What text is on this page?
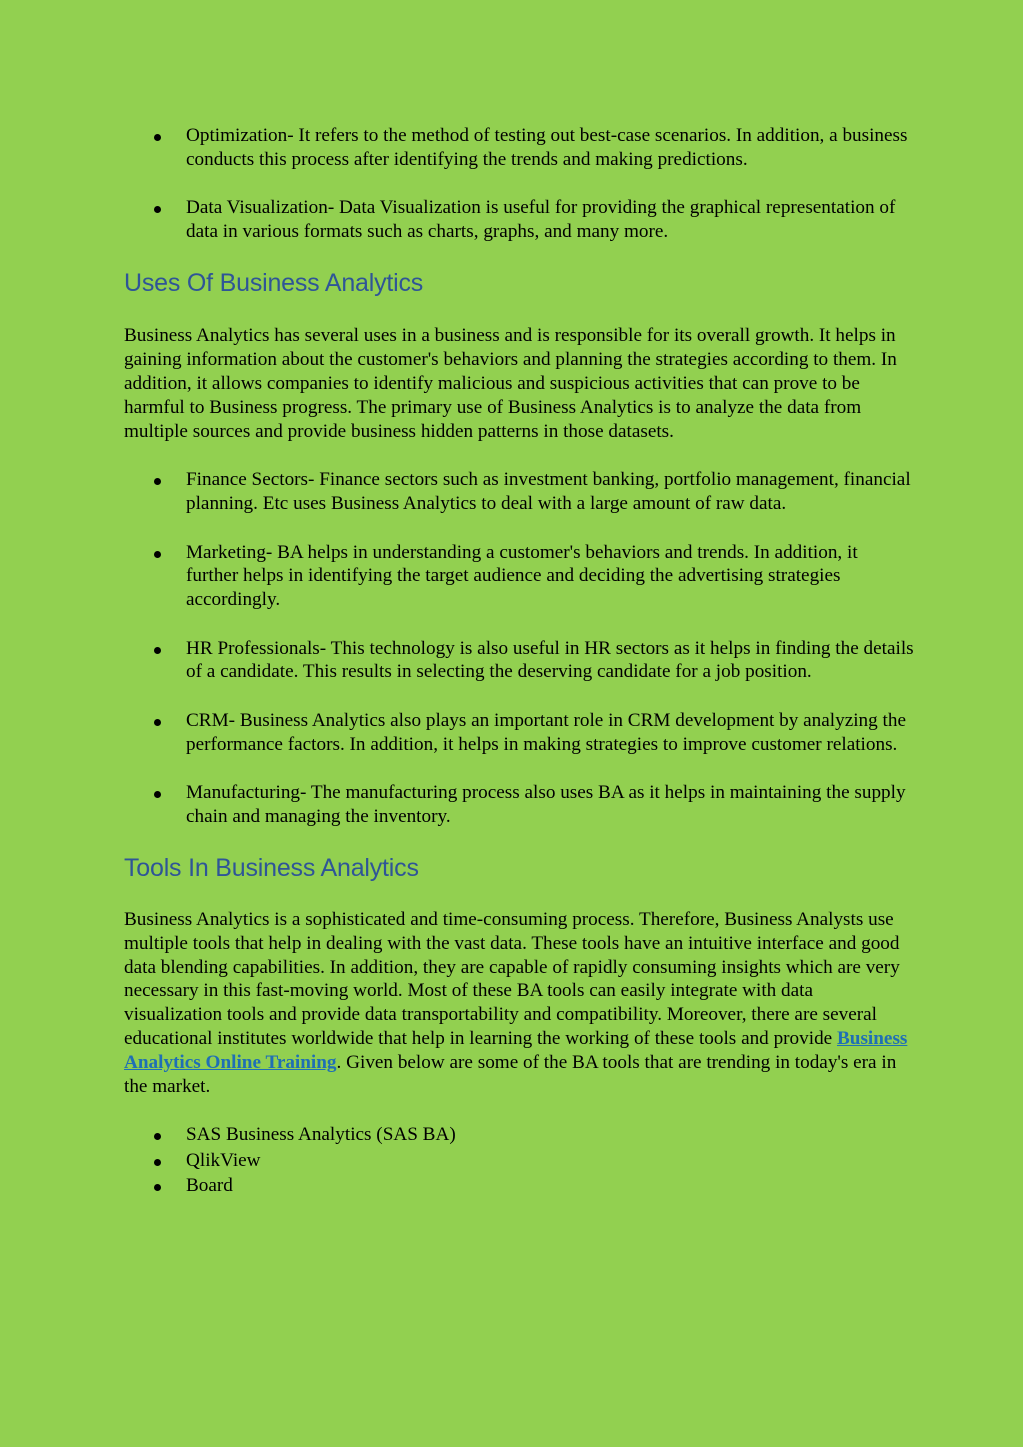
Optimization- It refers to the method of testing out best-case scenarios. In addition, a business conducts this process after identifying the trends and making predictions.
Data Visualization- Data Visualization is useful for providing the graphical representation of data in various formats such as charts, graphs, and many more.
Uses Of Business Analytics

Business Analytics has several uses in a business and is responsible for its overall growth. It helps in gaining information about the customer's behaviors and planning the strategies according to them. In addition, it allows companies to identify malicious and suspicious activities that can prove to be harmful to Business progress. The primary use of Business Analytics is to analyze the data from multiple sources and provide business hidden patterns in those datasets.

Finance Sectors- Finance sectors such as investment banking, portfolio management, financial planning. Etc uses Business Analytics to deal with a large amount of raw data.
Marketing- BA helps in understanding a customer's behaviors and trends. In addition, it further helps in identifying the target audience and deciding the advertising strategies accordingly.
HR Professionals- This technology is also useful in HR sectors as it helps in finding the details of a candidate. This results in selecting the deserving candidate for a job position.
CRM- Business Analytics also plays an important role in CRM development by analyzing the performance factors. In addition, it helps in making strategies to improve customer relations.
Manufacturing- The manufacturing process also uses BA as it helps in maintaining the supply chain and managing the inventory.
Tools In Business Analytics

Business Analytics is a sophisticated and time-consuming process. Therefore, Business Analysts use multiple tools that help in dealing with the vast data. These tools have an intuitive interface and good data blending capabilities. In addition, they are capable of rapidly consuming insights which are very necessary in this fast-moving world. Most of these BA tools can easily integrate with data visualization tools and provide data transportability and compatibility. Moreover, there are several educational institutes worldwide that help in learning the working of these tools and provide Business Analytics Online Training. Given below are some of the BA tools that are trending in today's era in the market.

SAS Business Analytics (SAS BA)
QlikView
Board
